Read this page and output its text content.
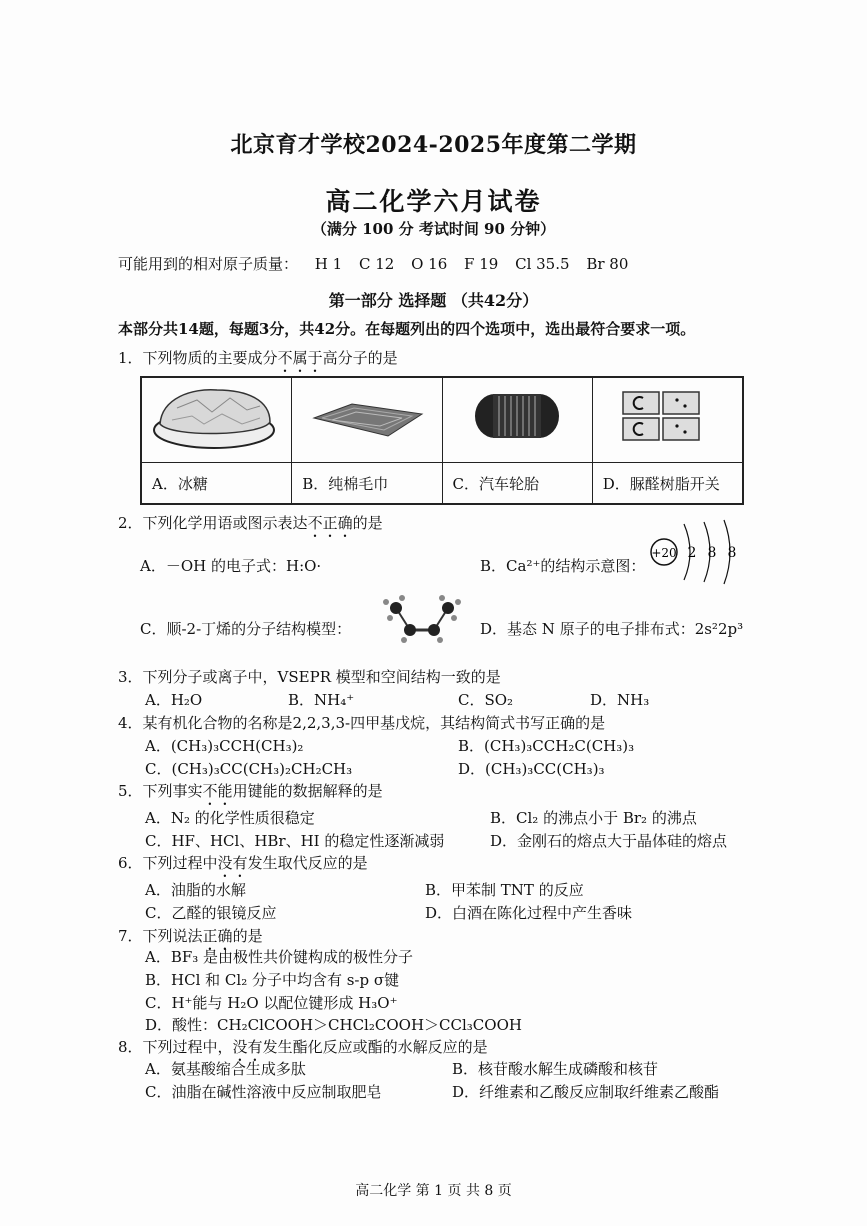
北京育才学校2024-2025年度第二学期
高二化学六月试卷
（满分 100 分 考试时间 90 分钟）
可能用到的相对原子质量： H 1 C 12 O 16 F 19 Cl 35.5 Br 80
第一部分 选择题 （共42分）
本部分共14题，每题3分，共42分。在每题列出的四个选项中，选出最符合要求一项。
1．下列物质的主要成分不属于高分子的是

A．冰糖	B．纯棉毛巾	C．汽车轮胎	D．脲醛树脂开关
2．下列化学用语或图示表达不正确的是
A．－OH 的电子式：H:O·	B．Ca²⁺的结构示意图：
+20 2 8 8
C．顺-2-丁烯的分子结构模型：	D．基态 N 原子的电子排布式：2s²2p³
3．下列分子或离子中，VSEPR 模型和空间结构一致的是
A．H₂O	B．NH₄⁺	C．SO₂	D．NH₃
4．某有机化合物的名称是2,2,3,3-四甲基戊烷，其结构简式书写正确的是
A．(CH₃)₃CCH(CH₃)₂	B．(CH₃)₃CCH₂C(CH₃)₃
C．(CH₃)₃CC(CH₃)₂CH₂CH₃	D．(CH₃)₃CC(CH₃)₃
5．下列事实不能用键能的数据解释的是
A．N₂ 的化学性质很稳定	B．Cl₂ 的沸点小于 Br₂ 的沸点
C．HF、HCl、HBr、HI 的稳定性逐渐减弱	D．金刚石的熔点大于晶体硅的熔点
6．下列过程中没有发生取代反应的是
A．油脂的水解	B．甲苯制 TNT 的反应
C．乙醛的银镜反应	D．白酒在陈化过程中产生香味
7．下列说法正确的是
A．BF₃ 是由极性共价键构成的极性分子
B．HCl 和 Cl₂ 分子中均含有 s-p σ键
C．H⁺能与 H₂O 以配位键形成 H₃O⁺
D．酸性：CH₂ClCOOH＞CHCl₂COOH＞CCl₃COOH
8．下列过程中，没有发生酯化反应或酯的水解反应的是
A．氨基酸缩合生成多肽	B．核苷酸水解生成磷酸和核苷
C．油脂在碱性溶液中反应制取肥皂	D．纤维素和乙酸反应制取纤维素乙酸酯
高二化学 第 1 页 共 8 页
